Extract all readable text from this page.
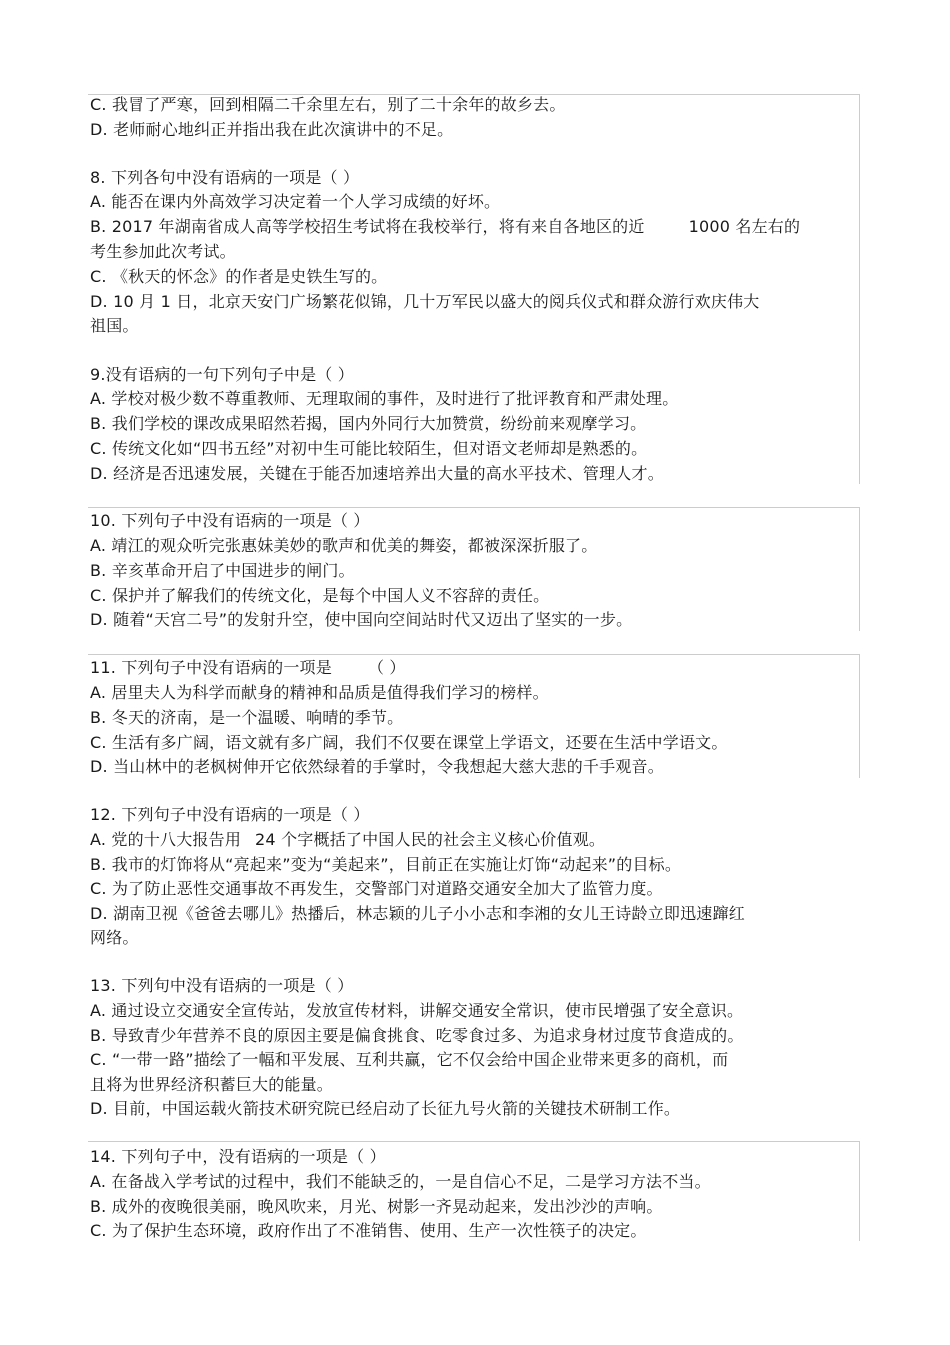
C. 我冒了严寒，回到相隔二千余里左右，别了二十余年的故乡去。
D. 老师耐心地纠正并指出我在此次演讲中的不足。
8. 下列各句中没有语病的一项是（ ）
A. 能否在课内外高效学习决定着一个人学习成绩的好坏。
B. 2017 年湖南省成人高等学校招生考试将在我校举行，将有来自各地区的近	1000 名左右的
考生参加此次考试。
C. 《秋天的怀念》的作者是史铁生写的。
D. 10 月 1 日，北京天安门广场繁花似锦，几十万军民以盛大的阅兵仪式和群众游行欢庆伟大
祖国。
9.没有语病的一句下列句子中是（ ）
A. 学校对极少数不尊重教师、无理取闹的事件，及时进行了批评教育和严肃处理。
B. 我们学校的课改成果昭然若揭，国内外同行大加赞赏，纷纷前来观摩学习。
C. 传统文化如“四书五经”对初中生可能比较陌生，但对语文老师却是熟悉的。
D. 经济是否迅速发展，关键在于能否加速培养出大量的高水平技术、管理人才。
10. 下列句子中没有语病的一项是（ ）
A. 靖江的观众听完张惠妹美妙的歌声和优美的舞姿，都被深深折服了。
B. 辛亥革命开启了中国进步的闸门。
C. 保护并了解我们的传统文化，是每个中国人义不容辞的责任。
D. 随着“天宫二号”的发射升空，使中国向空间站时代又迈出了坚实的一步。
11. 下列句子中没有语病的一项是 （ ）
A. 居里夫人为科学而献身的精神和品质是值得我们学习的榜样。
B. 冬天的济南，是一个温暖、响晴的季节。
C. 生活有多广阔，语文就有多广阔，我们不仅要在课堂上学语文，还要在生活中学语文。
D. 当山林中的老枫树伸开它依然绿着的手掌时，令我想起大慈大悲的千手观音。
12. 下列句子中没有语病的一项是（ ）
A. 党的十八大报告用 24 个字概括了中国人民的社会主义核心价值观。
B. 我市的灯饰将从“亮起来”变为“美起来”，目前正在实施让灯饰“动起来”的目标。
C. 为了防止恶性交通事故不再发生，交警部门对道路交通安全加大了监管力度。
D. 湖南卫视《爸爸去哪儿》热播后，林志颖的儿子小小志和李湘的女儿王诗龄立即迅速蹿红
网络。
13. 下列句中没有语病的一项是（ ）
A. 通过设立交通安全宣传站，发放宣传材料，讲解交通安全常识，使市民增强了安全意识。
B. 导致青少年营养不良的原因主要是偏食挑食、吃零食过多、为追求身材过度节食造成的。
C. “一带一路”描绘了一幅和平发展、互利共赢，它不仅会给中国企业带来更多的商机，而
且将为世界经济积蓄巨大的能量。
D. 目前，中国运载火箭技术研究院已经启动了长征九号火箭的关键技术研制工作。
14. 下列句子中，没有语病的一项是（ ）
A. 在备战入学考试的过程中，我们不能缺乏的，一是自信心不足，二是学习方法不当。
B. 成外的夜晚很美丽，晚风吹来，月光、树影一齐晃动起来，发出沙沙的声响。
C. 为了保护生态环境，政府作出了不准销售、使用、生产一次性筷子的决定。
